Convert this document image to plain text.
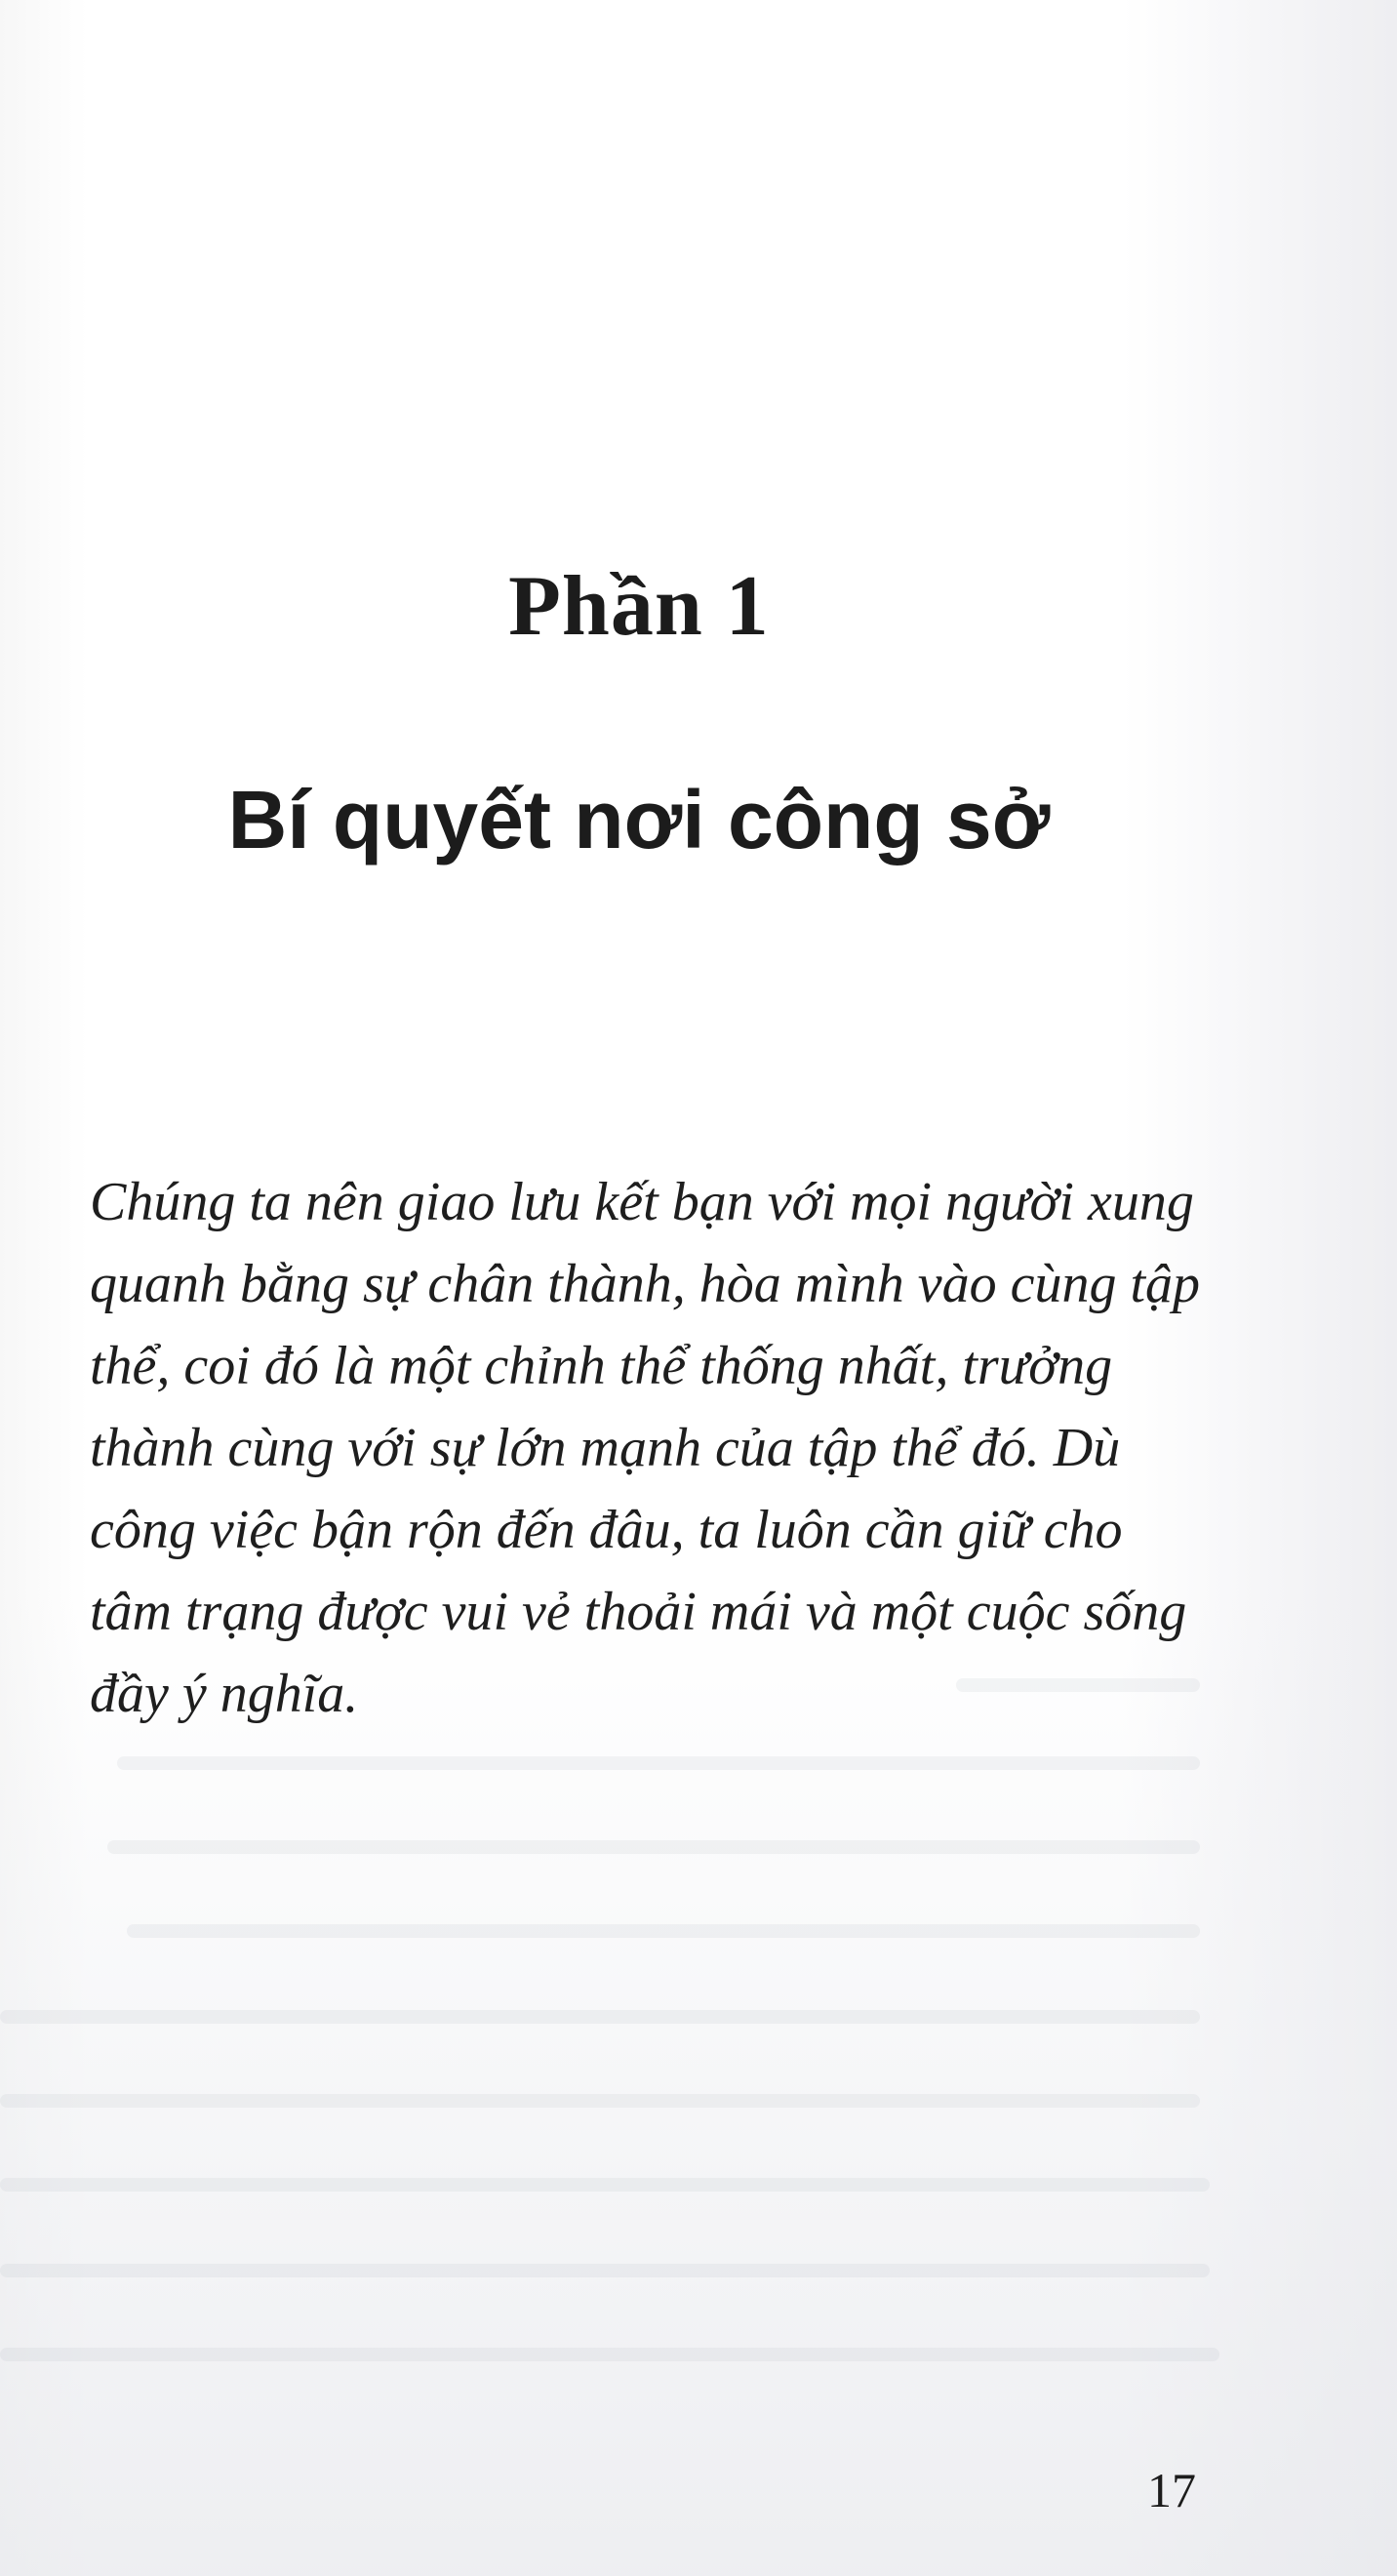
Phần 1
Bí quyết nơi công sở

Chúng ta nên giao lưu kết bạn với mọi người xung quanh bằng sự chân thành, hòa mình vào cùng tập thể, coi đó là một chỉnh thể thống nhất, trưởng thành cùng với sự lớn mạnh của tập thể đó. Dù công việc bận rộn đến đâu, ta luôn cần giữ cho tâm trạng được vui vẻ thoải mái và một cuộc sống đầy ý nghĩa.

17
